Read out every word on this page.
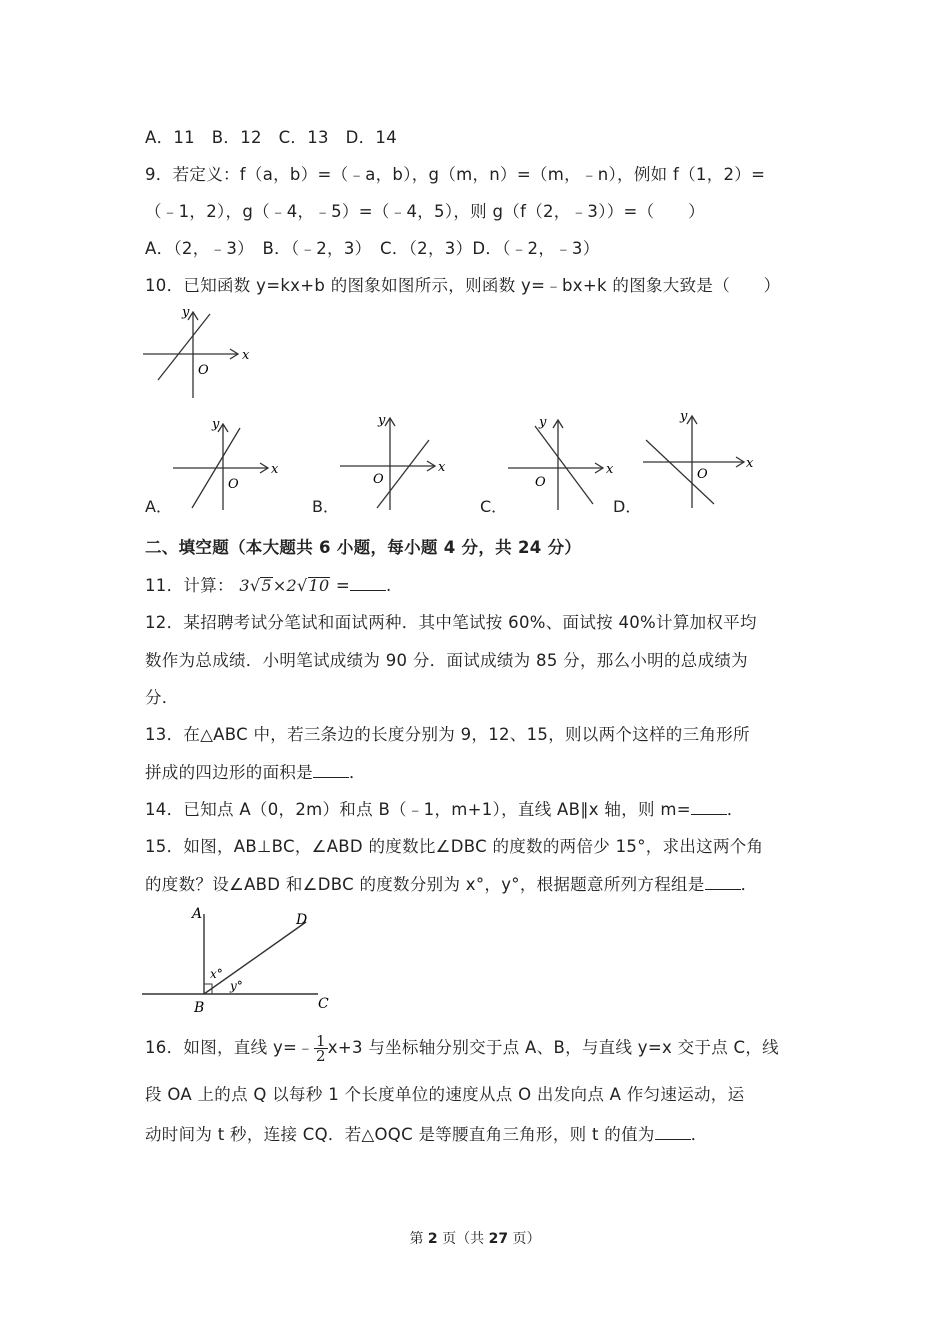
A．11　B．12　C．13　D．14
9．若定义：f（a，b）=（﹣a，b），g（m，n）=（m，﹣n），例如 f（1，2）=
（﹣1，2），g（﹣4，﹣5）=（﹣4，5），则 g（f（2，﹣3））=（　　）
A．（2，﹣3）　B．（﹣2，3）　C．（2，3）D．（﹣2，﹣3）
10．已知函数 y=kx+b 的图象如图所示，则函数 y=﹣bx+k 的图象大致是（　　）
x
y
O
x
y
O
x
y
O
x
y
O
x
y
O
A．	B．	C．	D．
二、填空题（本大题共 6 小题，每小题 4 分，共 24 分）
11．计算： 3√5×2√10 = .
12．某招聘考试分笔试和面试两种．其中笔试按 60%、面试按 40%计算加权平均
数作为总成绩．小明笔试成绩为 90 分．面试成绩为 85 分，那么小明的总成绩为
分．
13．在△ABC 中，若三条边的长度分别为 9，12、15，则以两个这样的三角形所
拼成的四边形的面积是 ．
14．已知点 A（0，2m）和点 B（﹣1，m+1），直线 AB∥x 轴，则 m= ．
15．如图，AB⊥BC，∠ABD 的度数比∠DBC 的度数的两倍少 15°，求出这两个角
的度数？设∠ABD 和∠DBC 的度数分别为 x°，y°，根据题意所列方程组是 ．
A
B	C
D
x°
y°
16．如图，直线 y=﹣ $\frac{1}{2} x+3$ 与坐标轴分别交于点 A、B，与直线 y=x 交于点 C，线
段 OA 上的点 Q 以每秒 1 个长度单位的速度从点 O 出发向点 A 作匀速运动，运
动时间为 t 秒，连接 CQ．若△OQC 是等腰直角三角形，则 t 的值为 ．
第 2 页（共 27 页）
